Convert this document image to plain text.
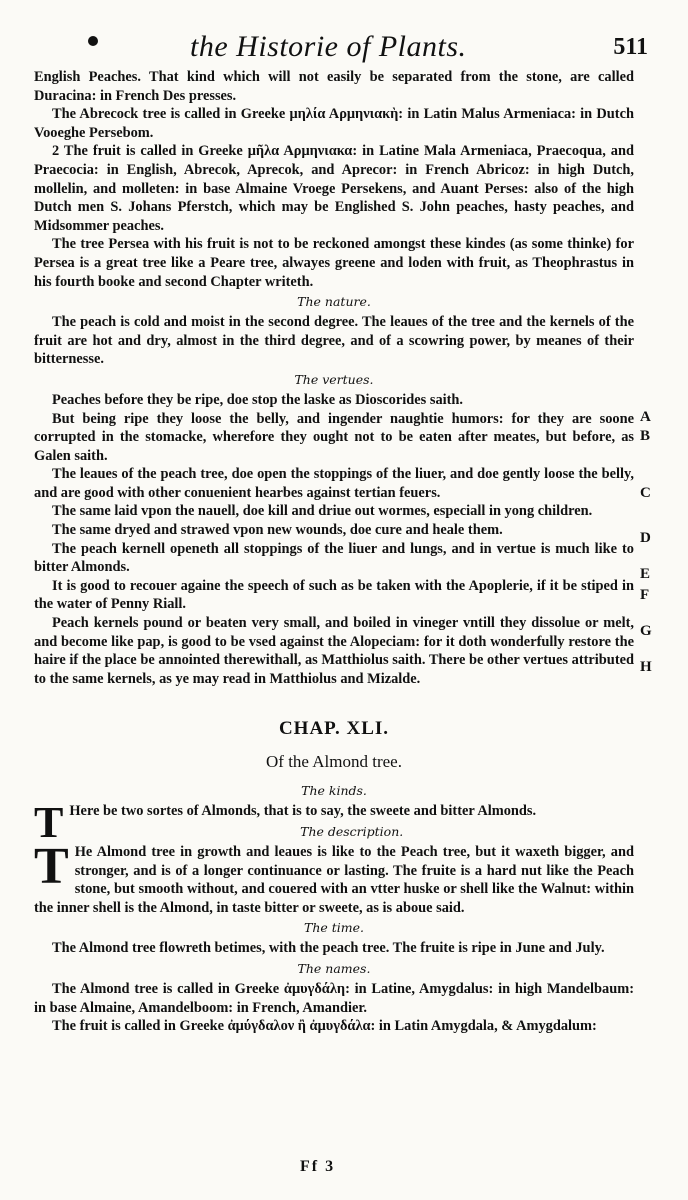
the Historie of Plants.	511

English Peaches. That kind which will not easily be separated from the stone, are called Duracina: in French Des presses.

The Abrecock tree is called in Greeke μηλία Αρμηνιακὴ: in Latin Malus Armeniaca: in Dutch Vooeghe Persebom.

2 The fruit is called in Greeke μῆλα Αρμηνιακα: in Latine Mala Armeniaca, Praecoqua, and Praecocia: in English, Abrecok, Aprecok, and Aprecor: in French Abricoz: in high Dutch, mollelin, and molleten: in base Almaine Vroege Persekens, and Auant Perses: also of the high Dutch men S. Johans Pferstch, which may be Englished S. John peaches, hasty peaches, and Midsommer peaches.

The tree Persea with his fruit is not to be reckoned amongst these kindes (as some thinke) for Persea is a great tree like a Peare tree, alwayes greene and loden with fruit, as Theophrastus in his fourth booke and second Chapter writeth.

The nature.

The peach is cold and moist in the second degree. The leaues of the tree and the kernels of the fruit are hot and dry, almost in the third degree, and of a scowring power, by meanes of their bitternesse.

The vertues.

Peaches before they be ripe, doe stop the laske as Dioscorides saith.

But being ripe they loose the belly, and ingender naughtie humors: for they are soone corrupted in the stomacke, wherefore they ought not to be eaten after meates, but before, as Galen saith.

The leaues of the peach tree, doe open the stoppings of the liuer, and doe gently loose the belly, and are good with other conuenient hearbes against tertian feuers.

The same laid vpon the nauell, doe kill and driue out wormes, especiall in yong children.

The same dryed and strawed vpon new wounds, doe cure and heale them.

The peach kernell openeth all stoppings of the liuer and lungs, and in vertue is much like to bitter Almonds.

It is good to recouer againe the speech of such as be taken with the Apoplerie, if it be stiped in the water of Penny Riall.

Peach kernels pound or beaten very small, and boiled in vineger vntill they dissolue or melt, and become like pap, is good to be vsed against the Alopeciam: for it doth wonderfully restore the haire if the place be annointed therewithall, as Matthiolus saith. There be other vertues attributed to the same kernels, as ye may read in Matthiolus and Mizalde.

CHAP. XLI.
Of the Almond tree.
The kinds.

T Here be two sortes of Almonds, that is to say, the sweete and bitter Almonds.

The description.

T He Almond tree in growth and leaues is like to the Peach tree, but it waxeth bigger, and stronger, and is of a longer continuance or lasting. The fruite is a hard nut like the Peach stone, but smooth without, and couered with an vtter huske or shell like the Walnut: within the inner shell is the Almond, in taste bitter or sweete, as is aboue said.

The time.

The Almond tree flowreth betimes, with the peach tree. The fruite is ripe in June and July.

The names.

The Almond tree is called in Greeke ἀμυγδάλη: in Latine, Amygdalus: in high Mandelbaum: in base Almaine, Amandelboom: in French, Amandier.

The fruit is called in Greeke ἀμύγδαλον ἢ ἀμυγδάλα: in Latin Amygdala, & Amygdalum:

A
B
C
D
E
F
G
H
Ff 3
